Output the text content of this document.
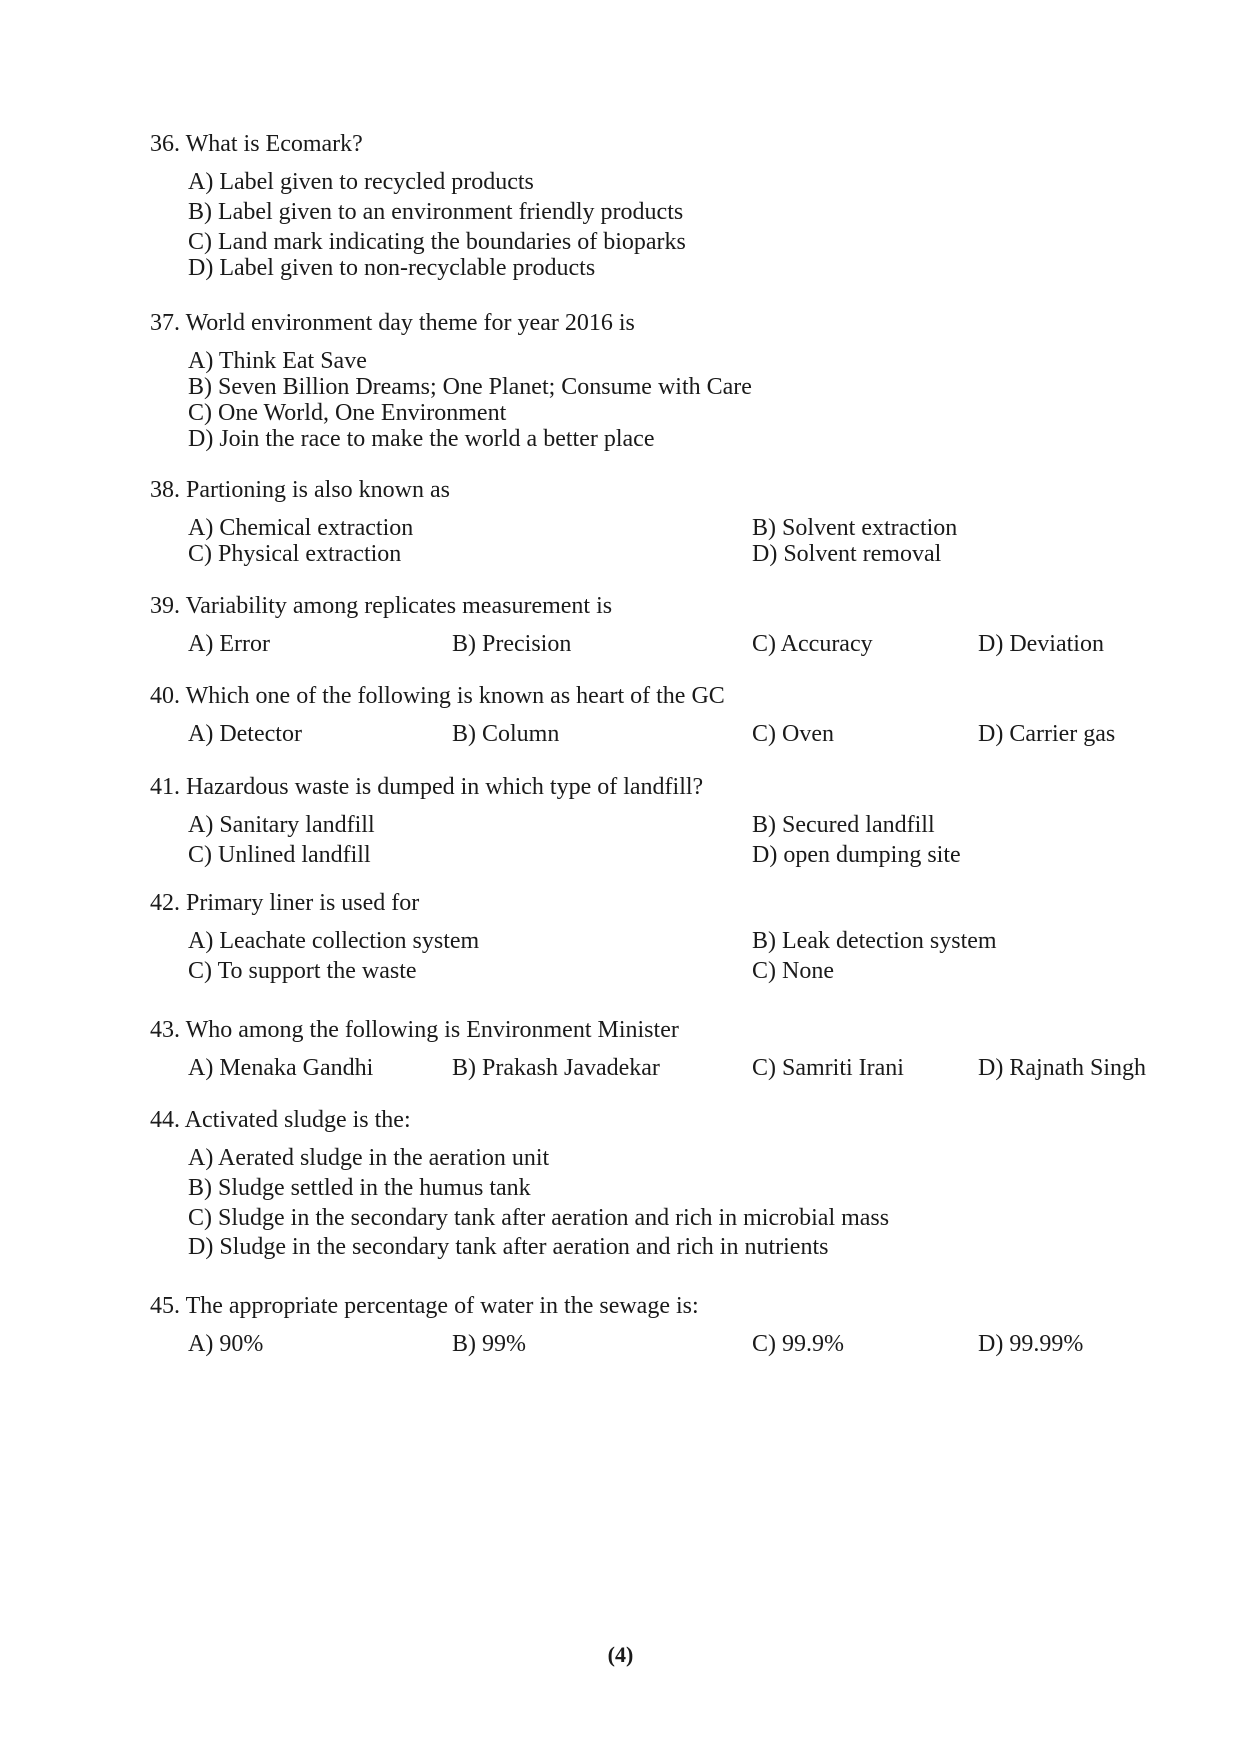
36. What is Ecomark?
A) Label given to recycled products
B) Label given to an environment friendly products
C) Land mark indicating the boundaries of bioparks
D) Label given to non-recyclable products
37. World environment day theme for year 2016 is
A) Think Eat Save
B) Seven Billion Dreams; One Planet; Consume with Care
C) One World, One Environment
D) Join the race to make the world a better place
38. Partioning is also known as
A) Chemical extraction	B) Solvent extraction
C) Physical extraction	D) Solvent removal
39. Variability among replicates measurement is
A) Error	B) Precision	C) Accuracy	D) Deviation
40. Which one of the following is known as heart of the GC
A) Detector	B) Column	C) Oven	D) Carrier gas
41. Hazardous waste is dumped in which type of landfill?
A) Sanitary landfill	B) Secured landfill
C) Unlined landfill	D) open dumping site
42. Primary liner is used for
A) Leachate collection system	B) Leak detection system
C) To support the waste	C) None
43. Who among the following is Environment Minister
A) Menaka Gandhi	B) Prakash Javadekar	C) Samriti Irani	D) Rajnath Singh
44. Activated sludge is the:
A) Aerated sludge in the aeration unit
B) Sludge settled in the humus tank
C) Sludge in the secondary tank after aeration and rich in microbial mass
D) Sludge in the secondary tank after aeration and rich in nutrients
45. The appropriate percentage of water in the sewage is:
A) 90%	B) 99%	C) 99.9%	D) 99.99%
(4)
